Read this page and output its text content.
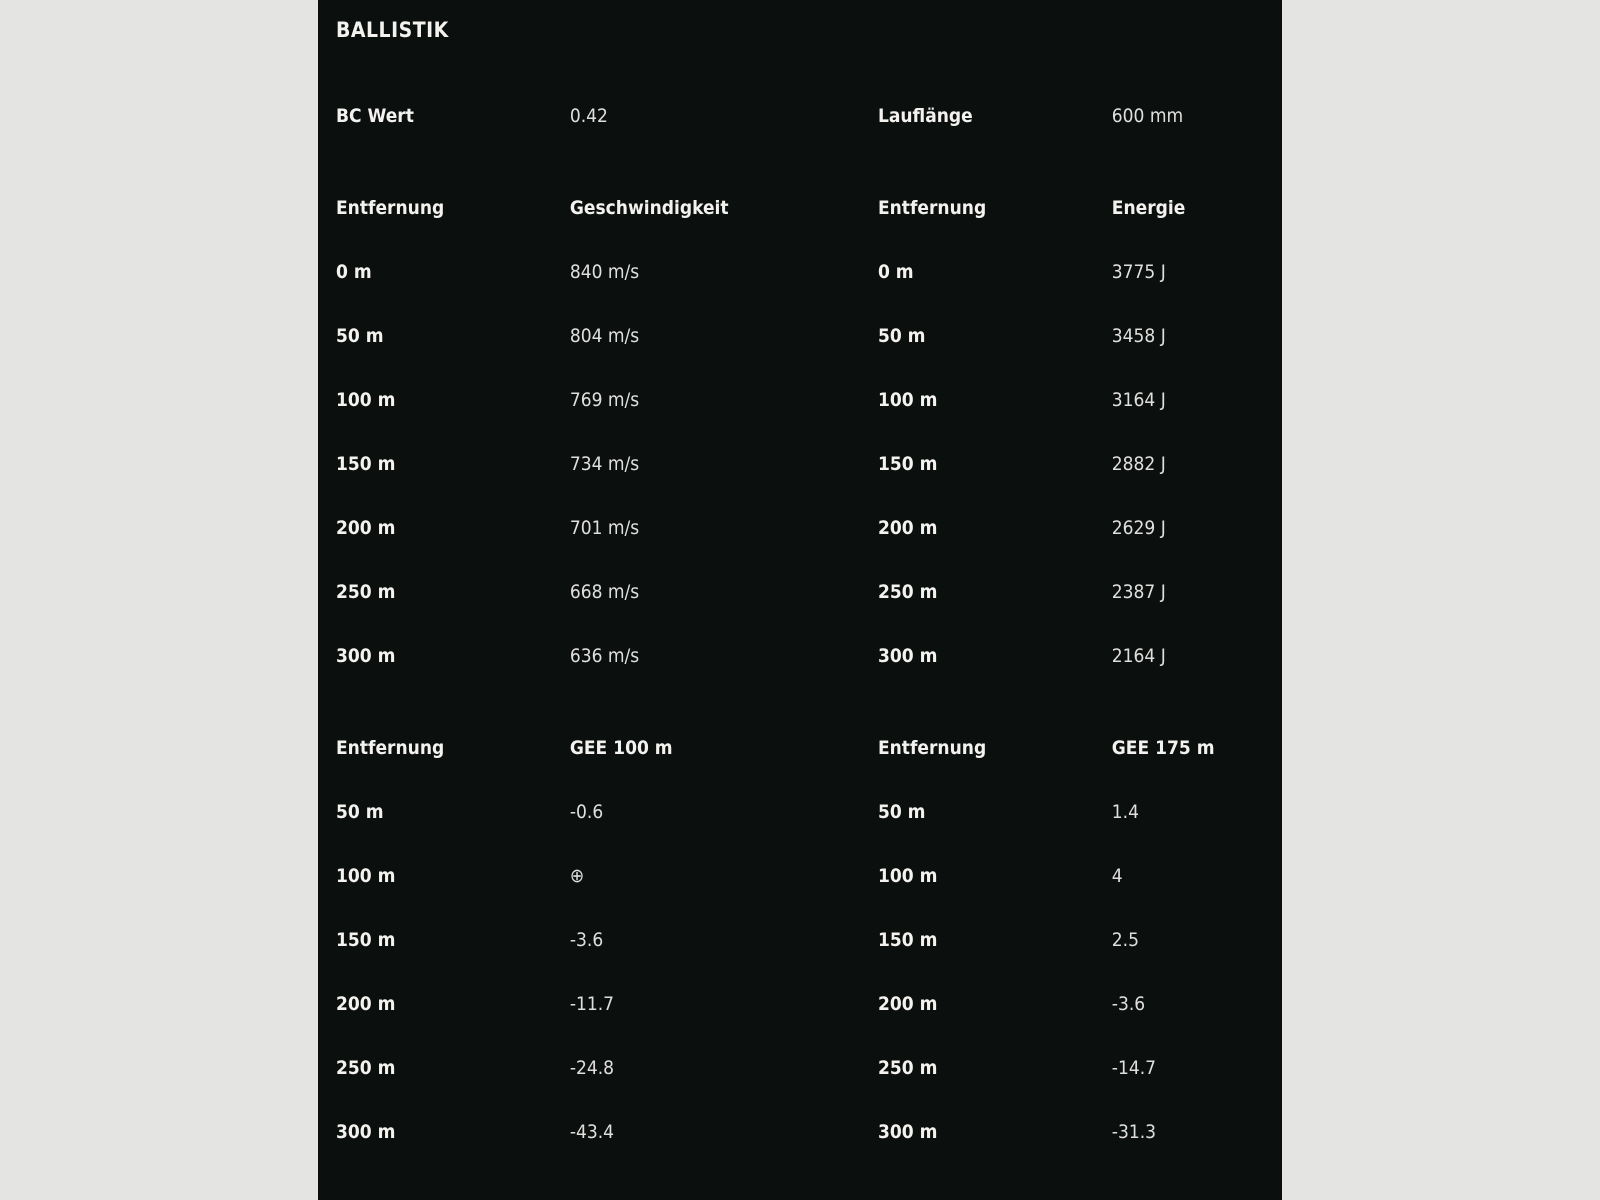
BALLISTIK
BC Wert	0.42	Lauflänge	600 mm
Entfernung	Geschwindigkeit	Entfernung	Energie
0 m	840 m/s	0 m	3775 J
50 m	804 m/s	50 m	3458 J
100 m	769 m/s	100 m	3164 J
150 m	734 m/s	150 m	2882 J
200 m	701 m/s	200 m	2629 J
250 m	668 m/s	250 m	2387 J
300 m	636 m/s	300 m	2164 J
Entfernung	GEE 100 m	Entfernung	GEE 175 m
50 m	-0.6	50 m	1.4
100 m	⊕	100 m	4
150 m	-3.6	150 m	2.5
200 m	-11.7	200 m	-3.6
250 m	-24.8	250 m	-14.7
300 m	-43.4	300 m	-31.3
